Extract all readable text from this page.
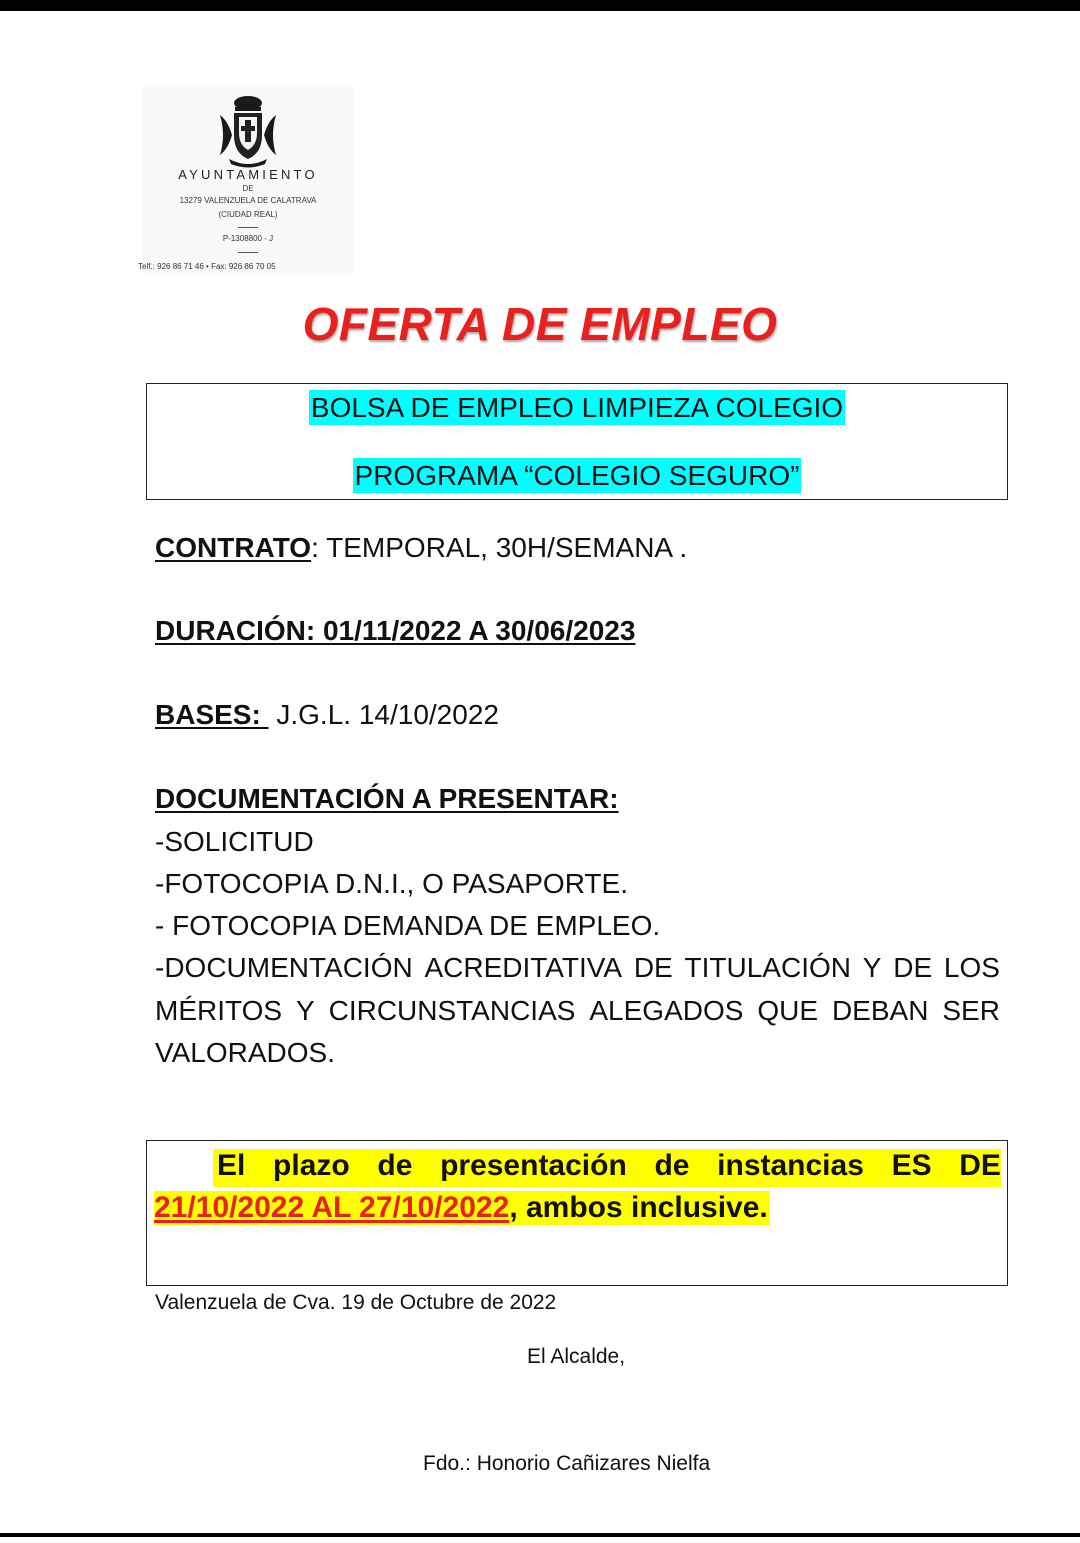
AYUNTAMIENTO
DE
13279 VALENZUELA DE CALATRAVA
(CIUDAD REAL)
P-1308800 - J
Telf.: 926 86 71 46 • Fax: 926 86 70 05
OFERTA DE EMPLEO
BOLSA DE EMPLEO LIMPIEZA COLEGIO
PROGRAMA “COLEGIO SEGURO”
CONTRATO: TEMPORAL, 30H/SEMANA .
DURACIÓN: 01/11/2022 A 30/06/2023
BASES:  J.G.L. 14/10/2022
DOCUMENTACIÓN A PRESENTAR:
-SOLICITUD
-FOTOCOPIA D.N.I., O PASAPORTE.
- FOTOCOPIA DEMANDA DE EMPLEO.
-DOCUMENTACIÓN ACREDITATIVA DE TITULACIÓN Y DE LOS
MÉRITOS Y CIRCUNSTANCIAS ALEGADOS QUE DEBAN SER
VALORADOS.
El plazo de presentación de instancias ES DE
21/10/2022 AL 27/10/2022, ambos inclusive.
Valenzuela de Cva. 19 de Octubre de 2022
El Alcalde,
Fdo.: Honorio Cañizares Nielfa
